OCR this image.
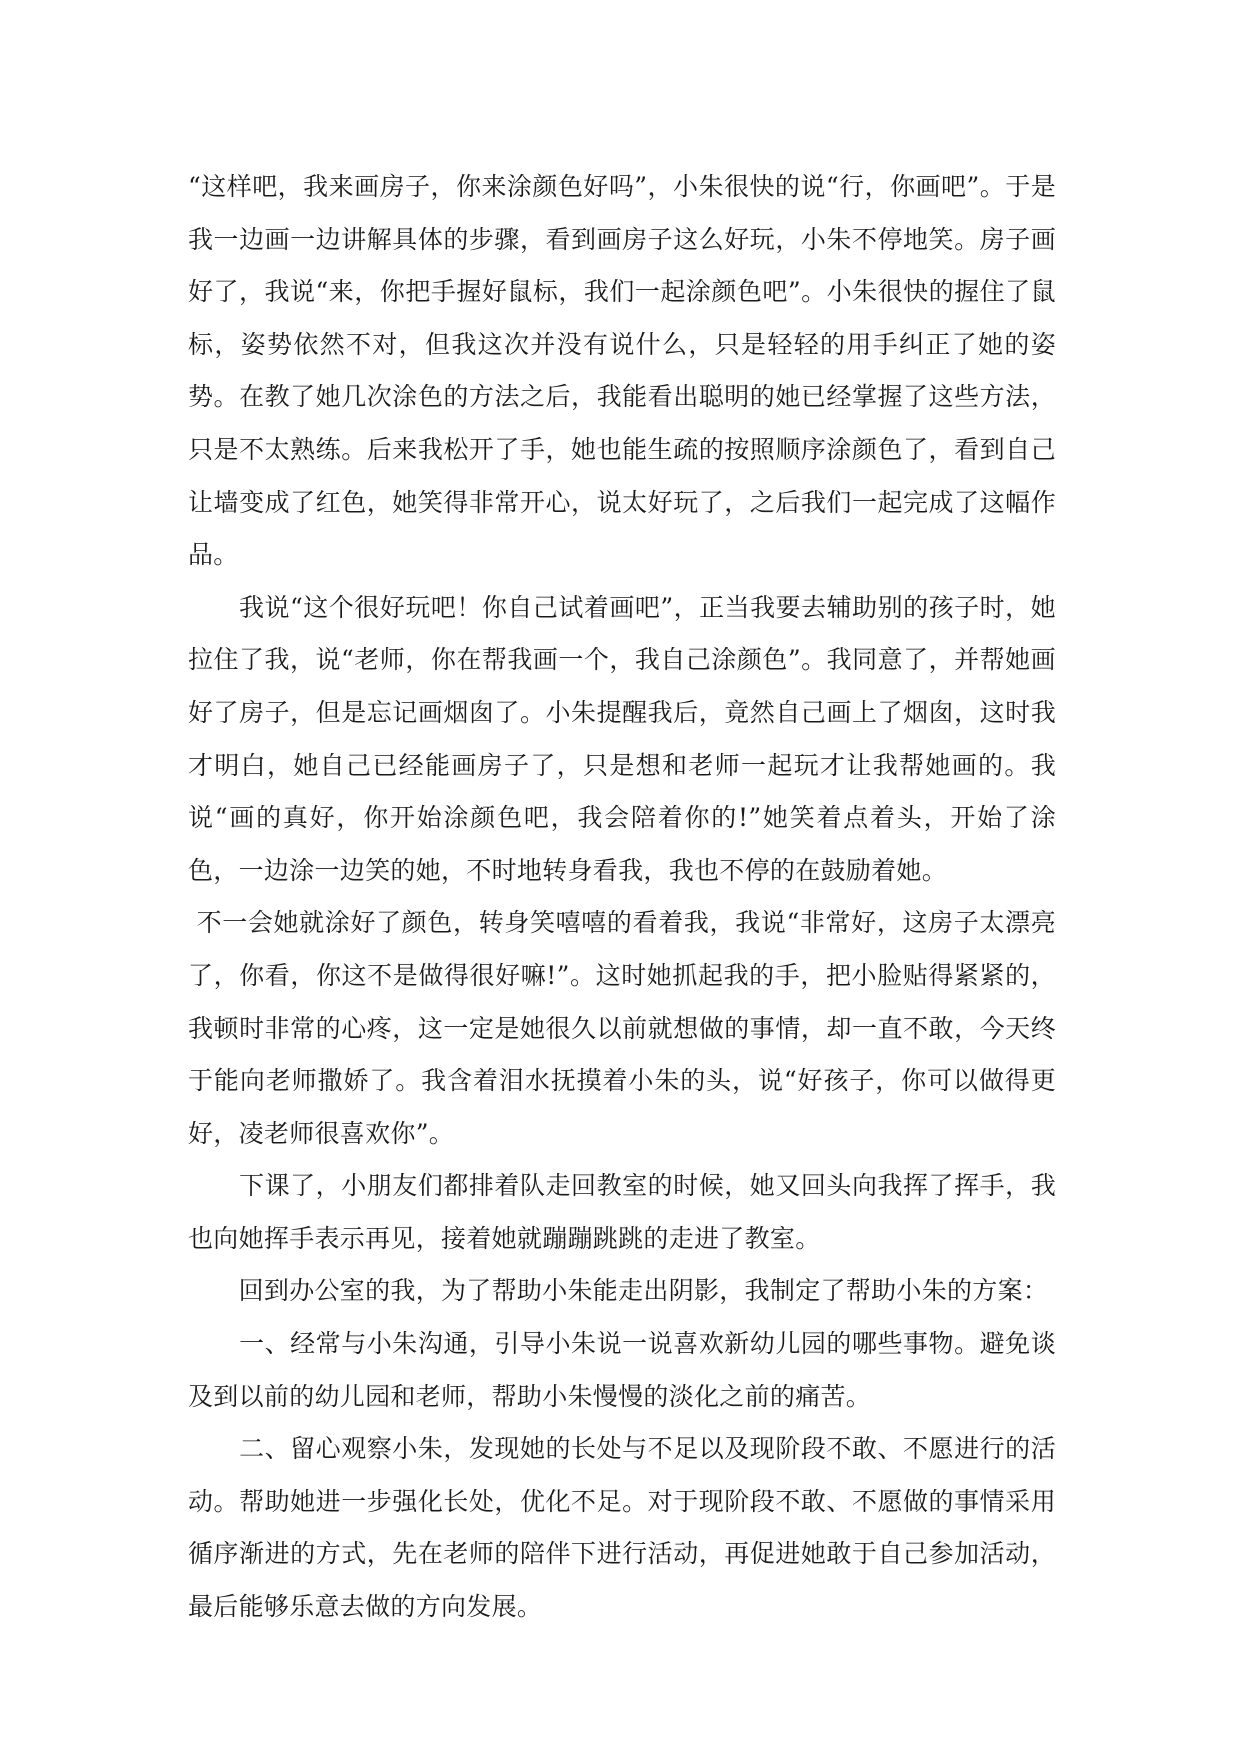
“这样吧，我来画房子，你来涂颜色好吗”，小朱很快的说“行，你画吧”。于是我一边画一边讲解具体的步骤，看到画房子这么好玩，小朱不停地笑。房子画好了，我说“来，你把手握好鼠标，我们一起涂颜色吧”。小朱很快的握住了鼠标，姿势依然不对，但我这次并没有说什么，只是轻轻的用手纠正了她的姿势。在教了她几次涂色的方法之后，我能看出聪明的她已经掌握了这些方法，只是不太熟练。后来我松开了手，她也能生疏的按照顺序涂颜色了，看到自己让墙变成了红色，她笑得非常开心，说太好玩了，之后我们一起完成了这幅作品。

　　我说“这个很好玩吧！你自己试着画吧”，正当我要去辅助别的孩子时，她拉住了我，说“老师，你在帮我画一个，我自己涂颜色”。我同意了，并帮她画好了房子，但是忘记画烟囱了。小朱提醒我后，竟然自己画上了烟囱，这时我才明白，她自己已经能画房子了，只是想和老师一起玩才让我帮她画的。我说“画的真好，你开始涂颜色吧，我会陪着你的!”她笑着点着头，开始了涂色，一边涂一边笑的她，不时地转身看我，我也不停的在鼓励着她。

不一会她就涂好了颜色，转身笑嘻嘻的看着我，我说“非常好，这房子太漂亮了，你看，你这不是做得很好嘛!”。这时她抓起我的手，把小脸贴得紧紧的，我顿时非常的心疼，这一定是她很久以前就想做的事情，却一直不敢，今天终于能向老师撒娇了。我含着泪水抚摸着小朱的头，说“好孩子，你可以做得更好，凌老师很喜欢你”。

　　下课了，小朋友们都排着队走回教室的时候，她又回头向我挥了挥手，我也向她挥手表示再见，接着她就蹦蹦跳跳的走进了教室。

　　回到办公室的我，为了帮助小朱能走出阴影，我制定了帮助小朱的方案：

　　一、经常与小朱沟通，引导小朱说一说喜欢新幼儿园的哪些事物。避免谈及到以前的幼儿园和老师，帮助小朱慢慢的淡化之前的痛苦。

　　二、留心观察小朱，发现她的长处与不足以及现阶段不敢、不愿进行的活动。帮助她进一步强化长处，优化不足。对于现阶段不敢、不愿做的事情采用循序渐进的方式，先在老师的陪伴下进行活动，再促进她敢于自己参加活动，最后能够乐意去做的方向发展。
